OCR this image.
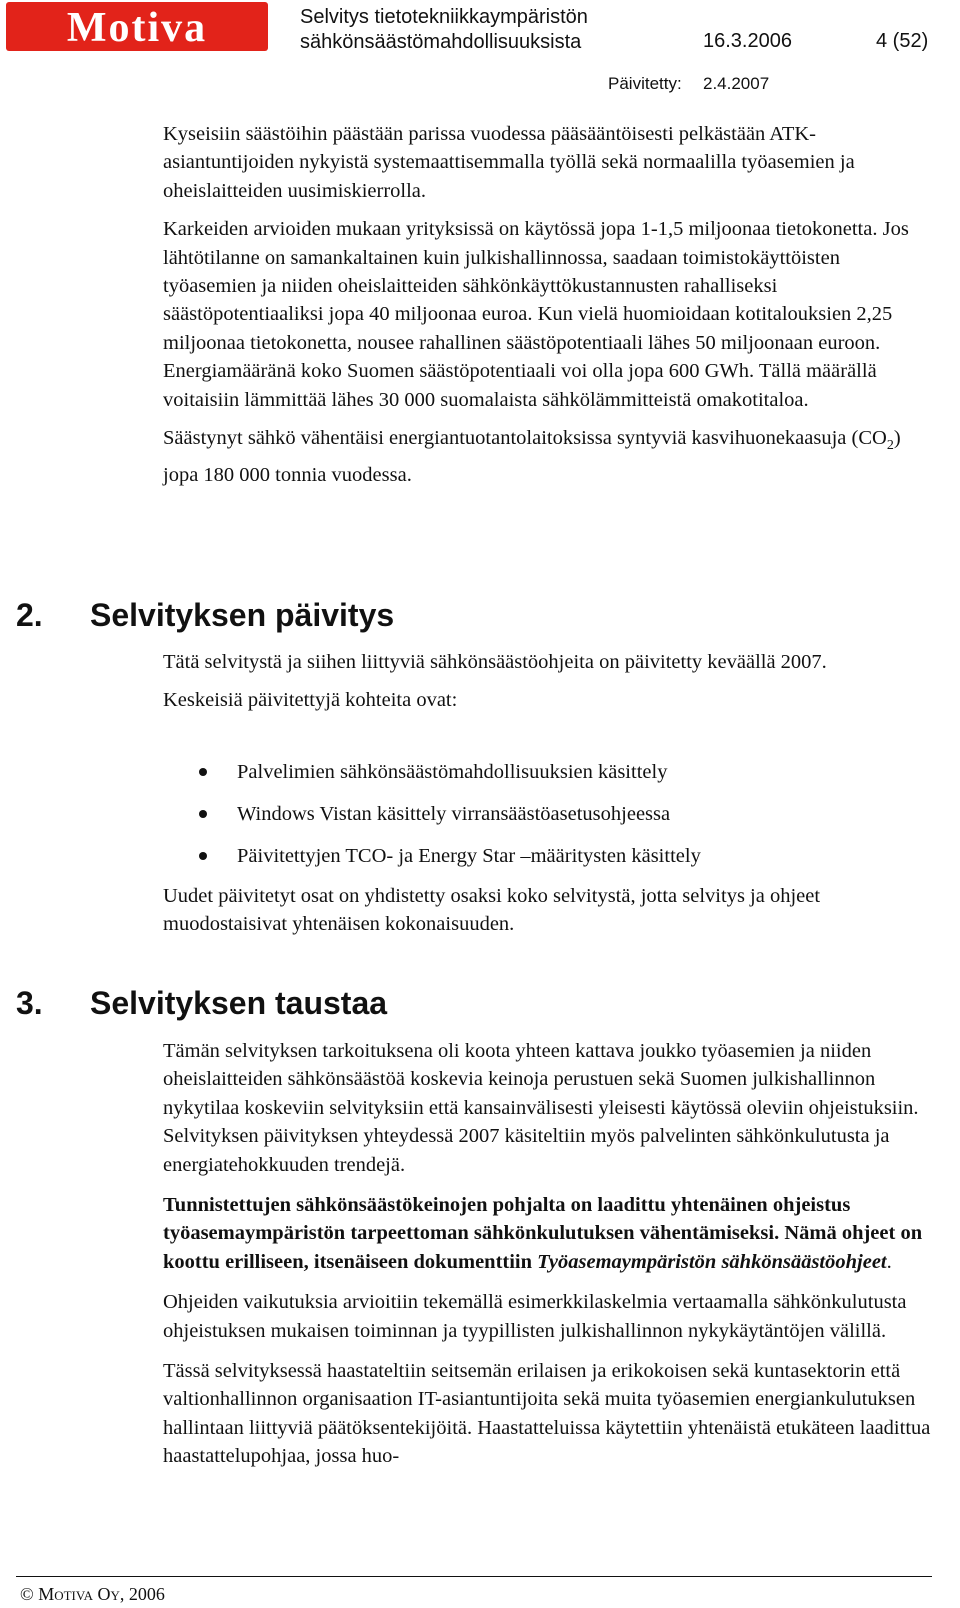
Motiva	Selvitys tietotekniikkaympäristön
sähkönsäästömahdollisuuksista	16.3.2006	4 (52)
Päivitetty: 2.4.2007

Kyseisiin säästöihin päästään parissa vuodessa pääsääntöisesti pelkästään ATK-asiantuntijoiden nykyistä systemaattisemmalla työllä sekä normaalilla työasemien ja oheislaitteiden uusimiskierrolla.

Karkeiden arvioiden mukaan yrityksissä on käytössä jopa 1-1,5 miljoonaa tietokonetta. Jos lähtötilanne on samankaltainen kuin julkishallinnossa, saadaan toimistokäyttöisten työasemien ja niiden oheislaitteiden sähkönkäyttökustannusten rahalliseksi säästöpotentiaaliksi jopa 40 miljoonaa euroa. Kun vielä huomioidaan kotitalouksien 2,25 miljoonaa tietokonetta, nousee rahallinen säästöpotentiaali lähes 50 miljoonaan euroon. Energiamääränä koko Suomen säästöpotentiaali voi olla jopa 600 GWh. Tällä määrällä voitaisiin lämmittää lähes 30 000 suomalaista sähkölämmitteistä omakotitaloa.

Säästynyt sähkö vähentäisi energiantuotantolaitoksissa syntyviä kasvihuonekaasuja $(CO_2)$ jopa 180 000 tonnia vuodessa.

2. Selvityksen päivitys

Tätä selvitystä ja siihen liittyviä sähkönsäästöohjeita on päivitetty keväällä 2007.

Keskeisiä päivitettyjä kohteita ovat:

Palvelimien sähkönsäästömahdollisuuksien käsittely
Windows Vistan käsittely virransäästöasetusohjeessa
Päivitettyjen TCO- ja Energy Star –määritysten käsittely

Uudet päivitetyt osat on yhdistetty osaksi koko selvitystä, jotta selvitys ja ohjeet muodostaisivat yhtenäisen kokonaisuuden.

3. Selvityksen taustaa

Tämän selvityksen tarkoituksena oli koota yhteen kattava joukko työasemien ja niiden oheislaitteiden sähkönsäästöä koskevia keinoja perustuen sekä Suomen julkishallinnon nykytilaa koskeviin selvityksiin että kansainvälisesti yleisesti käytössä oleviin ohjeistuksiin. Selvityksen päivityksen yhteydessä 2007 käsiteltiin myös palvelinten sähkönkulutusta ja energiatehokkuuden trendejä.

Tunnistettujen sähkönsäästökeinojen pohjalta on laadittu yhtenäinen ohjeistus työasemaympäristön tarpeettoman sähkönkulutuksen vähentämiseksi. Nämä ohjeet on koottu erilliseen, itsenäiseen dokumenttiin Työasemaympäristön sähkönsäästöohjeet.

Ohjeiden vaikutuksia arvioitiin tekemällä esimerkkilaskelmia vertaamalla sähkönkulutusta ohjeistuksen mukaisen toiminnan ja tyypillisten julkishallinnon nykykäytäntöjen välillä.

Tässä selvityksessä haastateltiin seitsemän erilaisen ja erikokoisen sekä kuntasektorin että valtionhallinnon organisaation IT-asiantuntijoita sekä muita työasemien energiankulutuksen hallintaan liittyviä päätöksentekijöitä. Haastatteluissa käytettiin yhtenäistä etukäteen laadittua haastattelupohjaa, jossa huo-

© Motiva Oy, 2006
